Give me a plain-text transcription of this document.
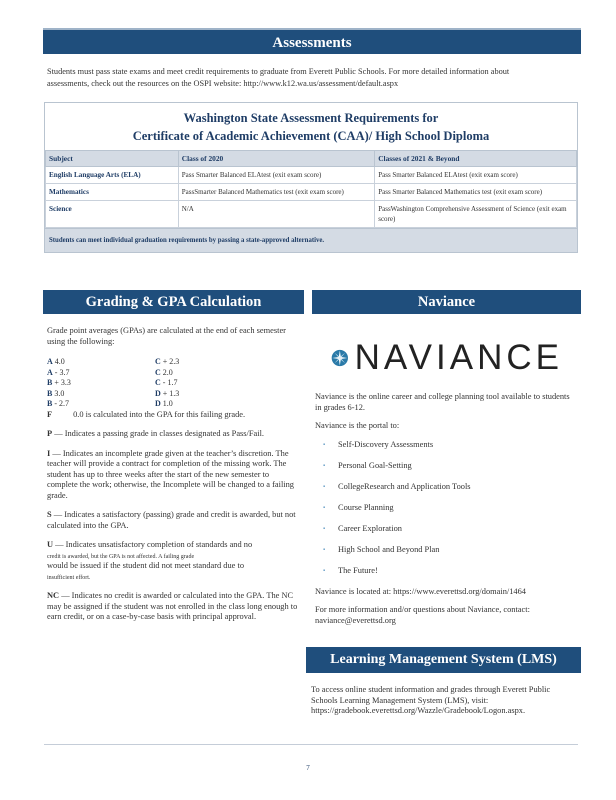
Assessments
Students must pass state exams and meet credit requirements to graduate from Everett Public Schools. For more detailed information about assessments, check out the resources on the OSPI website: http://www.k12.wa.us/assessment/default.aspx
Washington State Assessment Requirements for
Certificate of Academic Achievement (CAA)/ High School Diploma
Subject	Class of 2020	Classes of 2021 & Beyond
English Language Arts (ELA)	Pass Smarter Balanced ELAtest (exit exam score)	Pass Smarter Balanced ELAtest (exit exam score)
Mathematics	PassSmarter Balanced Mathematics test (exit exam score)	Pass Smarter Balanced Mathematics test (exit exam score)
Science	N/A	PassWashington Comprehensive Assessment of Science (exit exam score)
Students can meet individual graduation requirements by passing a state-approved alternative.
Grading & GPA Calculation	Naviance

Grade point averages (GPAs) are calculated at the end of each semester using the following:

A 4.0	C + 2.3
A - 3.7	C 2.0
B + 3.3	C - 1.7
B 3.0	D + 1.3
B - 2.7	D 1.0

F 0.0 is calculated into the GPA for this failing grade.

P — Indicates a passing grade in classes designated as Pass/Fail.

I — Indicates an incomplete grade given at the teacher’s discretion. The teacher will provide a contract for completion of the missing work. The student has up to three weeks after the start of the new semester to complete the work; otherwise, the Incomplete will be changed to a failing grade.

S — Indicates a satisfactory (passing) grade and credit is awarded, but not calculated into the GPA.

U — Indicates unsatisfactory completion of standards and no
credit is awarded, but the GPA is not affected. A failing grade
would be issued if the student did not meet standard due to
insufficient effort.

NC — Indicates no credit is awarded or calculated into the GPA. The NC may be assigned if the student was not enrolled in the class long enough to earn credit, or on a case-by-case basis with principal approval.

NAVIANCE

Naviance is the online career and college planning tool available to students in grades 6-12.

Naviance is the portal to:

▪	Self-Discovery Assessments
▪	Personal Goal-Setting
▪	CollegeResearch and Application Tools
▪	Course Planning
▪	Career Exploration
▪	High School and Beyond Plan
▪	The Future!

Naviance is located at: https://www.everettsd.org/domain/1464

For more information and/or questions about Naviance, contact: naviance@everettsd.org

Learning Management System (LMS)
To access online student information and grades through Everett Public Schools Learning Management System (LMS), visit: https://gradebook.everettsd.org/Wazzle/Gradebook/Logon.aspx.
7
